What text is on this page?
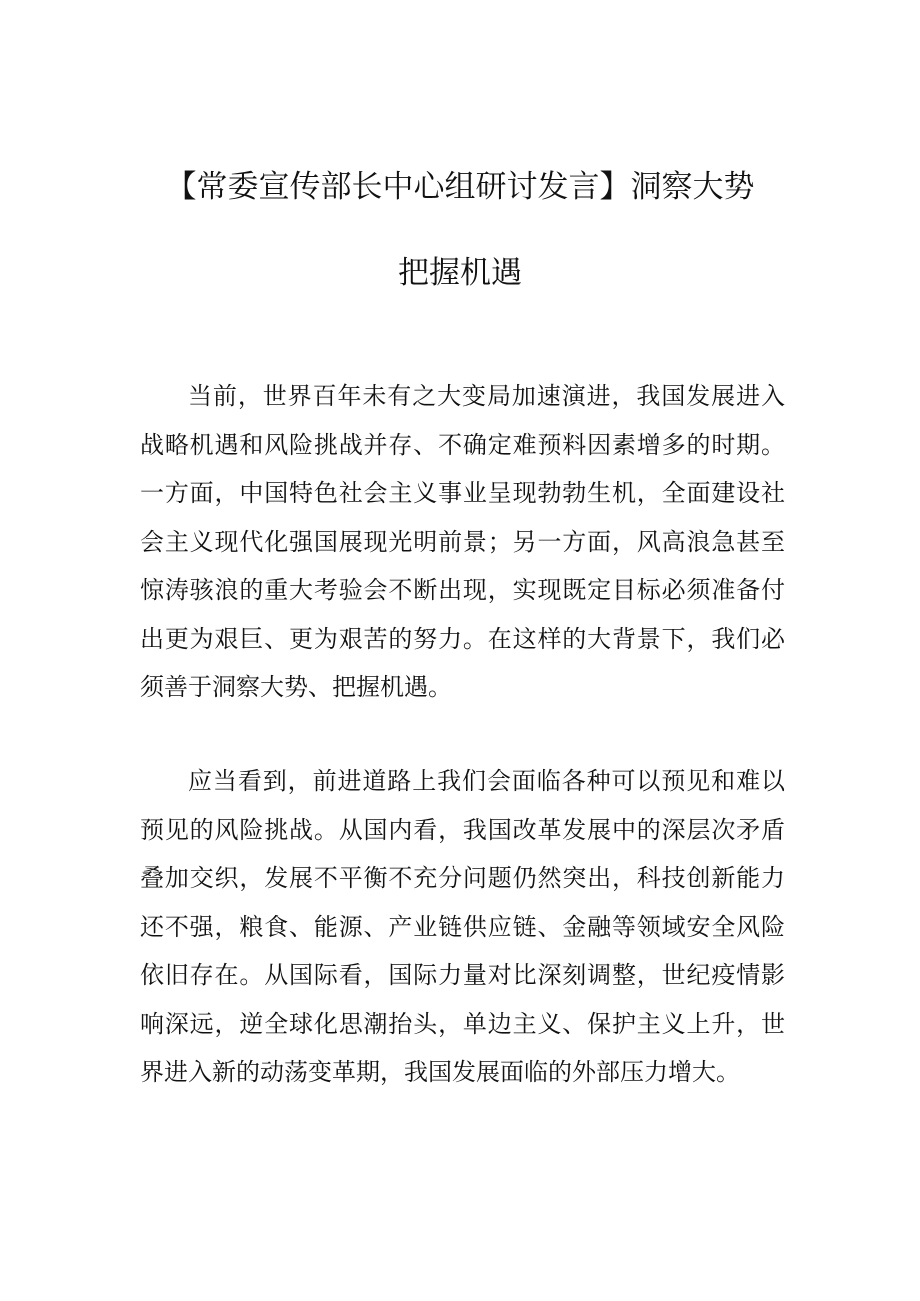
【常委宣传部长中心组研讨发言】洞察大势
把握机遇

当前，世界百年未有之大变局加速演进，我国发展进入战略机遇和风险挑战并存、不确定难预料因素增多的时期。一方面，中国特色社会主义事业呈现勃勃生机，全面建设社会主义现代化强国展现光明前景；另一方面，风高浪急甚至惊涛骇浪的重大考验会不断出现，实现既定目标必须准备付出更为艰巨、更为艰苦的努力。在这样的大背景下，我们必须善于洞察大势、把握机遇。

应当看到，前进道路上我们会面临各种可以预见和难以预见的风险挑战。从国内看，我国改革发展中的深层次矛盾叠加交织，发展不平衡不充分问题仍然突出，科技创新能力还不强，粮食、能源、产业链供应链、金融等领域安全风险依旧存在。从国际看，国际力量对比深刻调整，世纪疫情影响深远，逆全球化思潮抬头，单边主义、保护主义上升，世界进入新的动荡变革期，我国发展面临的外部压力增大。
